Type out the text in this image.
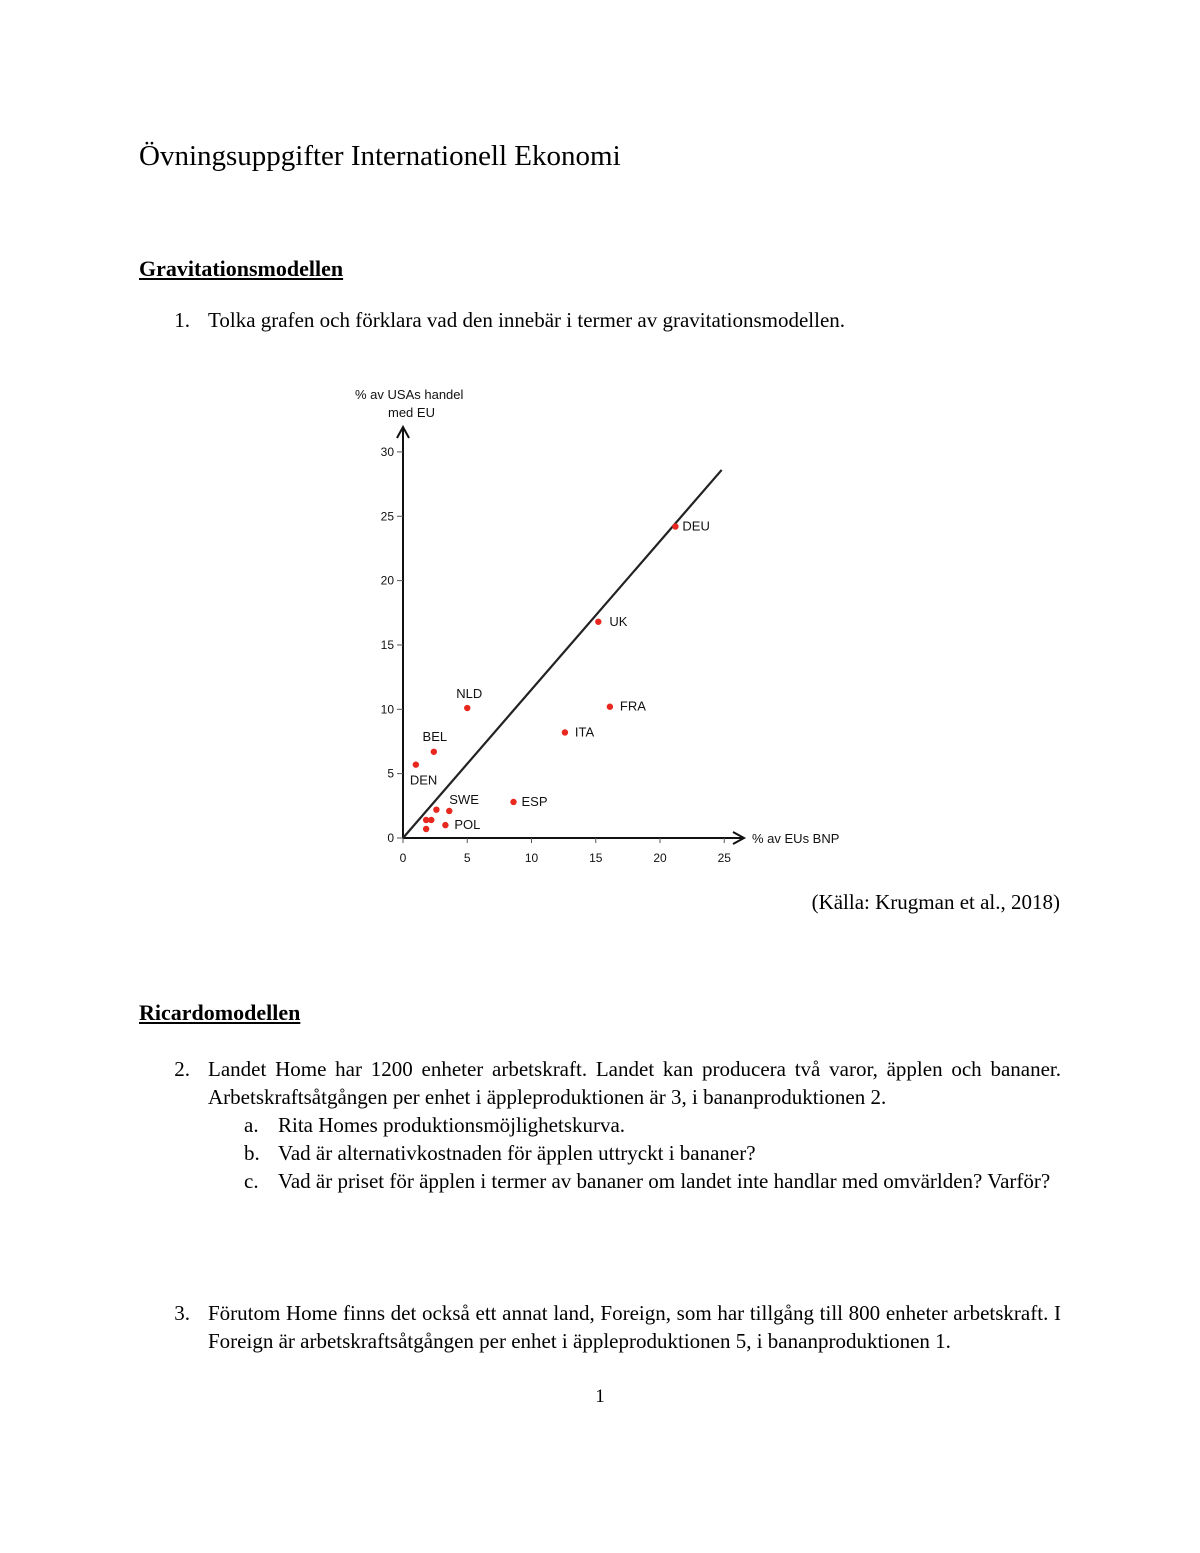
Övningsuppgifter Internationell Ekonomi
Gravitationsmodellen
1. Tolka grafen och förklara vad den innebär i termer av gravitationsmodellen.
0
5
10
15
20
25
30
0	5	10	15	20	25
DEU
UK
FRA
ITA
NLD
BEL
DEN
ESP
SWE
POL
% av USAs handel
med EU
% av EUs BNP
(Källa: Krugman et al., 2018)
Ricardomodellen
2. Landet Home har 1200 enheter arbetskraft. Landet kan producera två varor, äpplen och bananer. Arbetskraftsåtgången per enhet i äppleproduktionen är 3, i bananproduktionen 2.
a. Rita Homes produktionsmöjlighetskurva.
b. Vad är alternativkostnaden för äpplen uttryckt i bananer?
c. Vad är priset för äpplen i termer av bananer om landet inte handlar med omvärlden? Varför?
3. Förutom Home finns det också ett annat land, Foreign, som har tillgång till 800 enheter arbetskraft. I Foreign är arbetskraftsåtgången per enhet i äppleproduktionen 5, i bananproduktionen 1.
1
